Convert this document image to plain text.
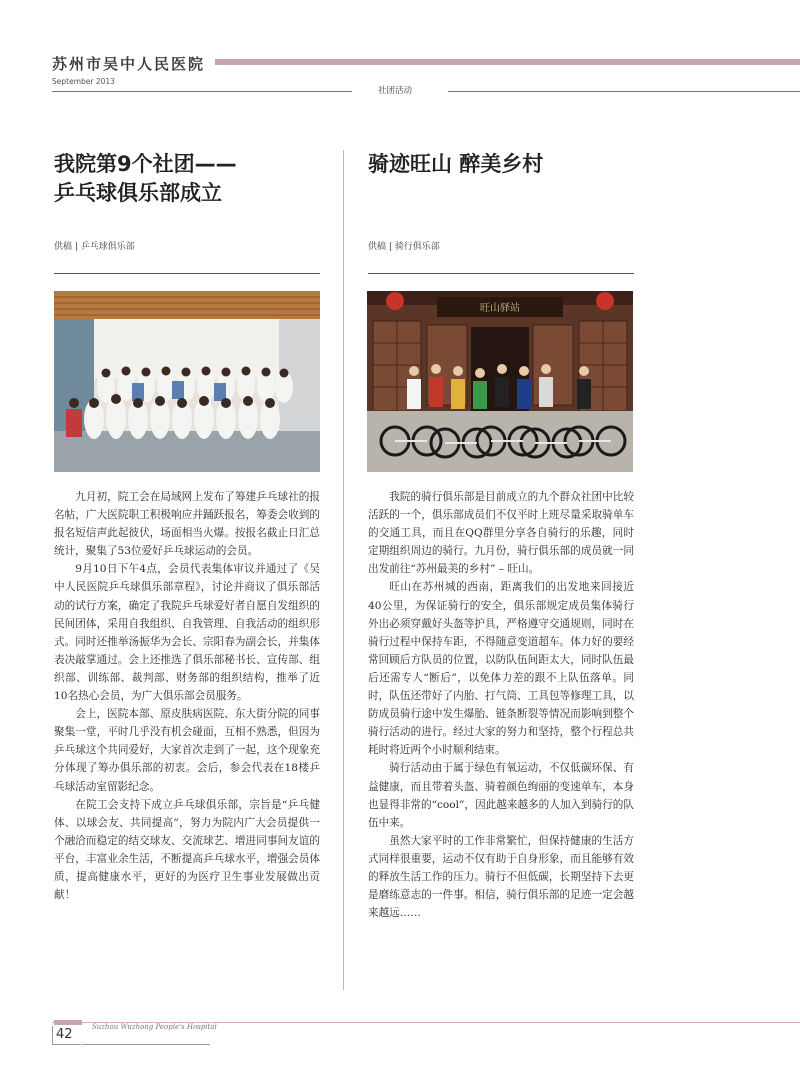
苏州市吴中人民医院
September 2013
社团活动
我院第9个社团——
乒乓球俱乐部成立
供稿 | 乒乓球俱乐部

九月初，院工会在局域网上发布了筹建乒乓球社的报名帖，广大医院职工积极响应并踊跃报名，筹委会收到的报名短信声此起彼伏，场面相当火爆。按报名截止日汇总统计，聚集了53位爱好乒乓球运动的会员。

9月10日下午4点，会员代表集体审议并通过了《吴中人民医院乒乓球俱乐部章程》，讨论并商议了俱乐部活动的试行方案，确定了我院乒乓球爱好者自愿自发组织的民间团体，采用自我组织、自我管理、自我活动的组织形式。同时还推举汤振华为会长、宗阳春为副会长，并集体表决敲掌通过。会上还推选了俱乐部秘书长、宣传部、组织部、训练部、裁判部、财务部的组织结构，推举了近10名热心会员，为广大俱乐部会员服务。

会上，医院本部、原皮肤病医院、东大街分院的同事聚集一堂，平时几乎没有机会碰面，互相不熟悉，但因为乒乓球这个共同爱好，大家首次走到了一起，这个现象充分体现了筹办俱乐部的初衷。会后，参会代表在18楼乒乓球活动室留影纪念。

在院工会支持下成立乒乓球俱乐部，宗旨是“乒乓健体、以球会友、共同提高”，努力为院内广大会员提供一个融洽而稳定的结交球友、交流球艺、增进同事间友谊的平台，丰富业余生活，不断提高乒乓球水平，增强会员体质，提高健康水平，更好的为医疗卫生事业发展做出贡献！

骑迹旺山 醉美乡村
供稿 | 骑行俱乐部
旺山驿站

我院的骑行俱乐部是目前成立的九个群众社团中比较活跃的一个，俱乐部成员们不仅平时上班尽量采取骑单车的交通工具，而且在QQ群里分享各自骑行的乐趣，同时定期组织周边的骑行。九月份，骑行俱乐部的成员就一同出发前往“苏州最美的乡村” – 旺山。

旺山在苏州城的西南，距离我们的出发地来回接近40公里，为保证骑行的安全，俱乐部规定成员集体骑行外出必须穿戴好头盔等护具，严格遵守交通规则，同时在骑行过程中保持车距，不得随意变道超车。体力好的要经常回顾后方队员的位置，以防队伍间距太大，同时队伍最后还需专人“断后”，以免体力差的跟不上队伍落单。同时，队伍还带好了内胎、打气筒、工具包等修理工具，以防成员骑行途中发生爆胎、链条断裂等情况而影响到整个骑行活动的进行。经过大家的努力和坚持，整个行程总共耗时将近两个小时顺利结束。

骑行活动由于属于绿色有氧运动，不仅低碳环保、有益健康，而且带着头盔、骑着颜色绚丽的变速单车，本身也显得非常的“cool”，因此越来越多的人加入到骑行的队伍中来。

虽然大家平时的工作非常繁忙，但保持健康的生活方式同样很重要，运动不仅有助于自身形象，而且能够有效的释放生活工作的压力。骑行不但低碳，长期坚持下去更是磨练意志的一件事。相信，骑行俱乐部的足迹一定会越来越远……

42	Suzhou Wuzhong People's Hospital
